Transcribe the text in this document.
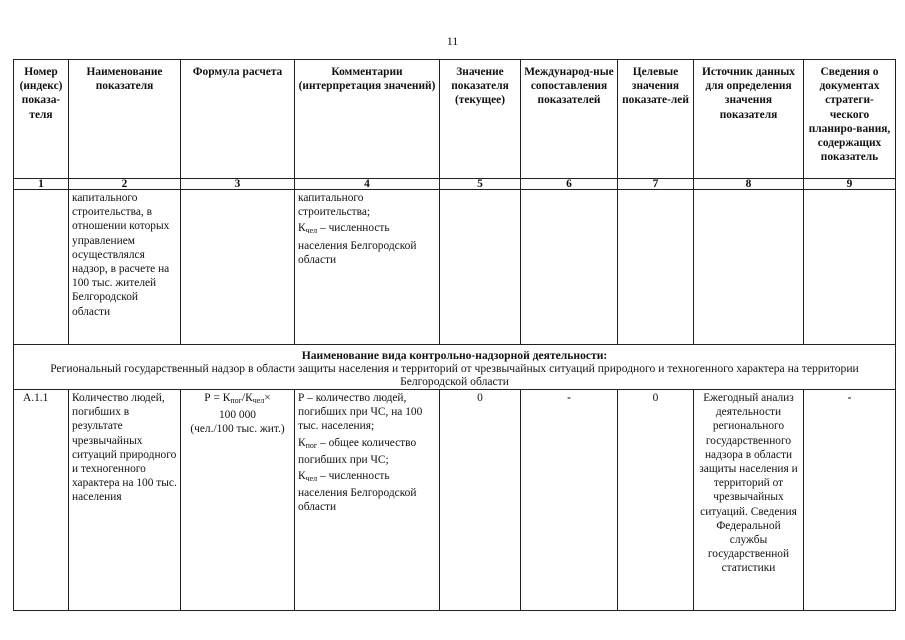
11
Номер (индекс) показа-теля	Наименование показателя	Формула расчета	Комментарии (интерпретация значений)	Значение показателя (текущее)	Международ-ные сопоставления показателей	Целевые значения показате-лей	Источник данных для определения значения показателя	Сведения о документах стратеги-ческого планиро-вания, содержащих показатель
1	2	3	4	5	6	7	8	9
	капитального строительства, в отношении которых управлением осуществлялся надзор, в расчете на 100 тыс. жителей Белгородской области		капитального строительства;
$К_{чел}$ – численность населения Белгородской области					

Наименование вида контрольно-надзорной деятельности:
Региональный государственный надзор в области защиты населения и территорий от чрезвычайных ситуаций природного и техногенного характера на территории Белгородской области								
А.1.1	Количество людей, погибших в результате чрезвычайных ситуаций природного и техногенного характера на 100 тыс. населения	$Р = К_{пог}/К_{чел}\times$
100 000
(чел./100 тыс. жит.)	Р – количество людей, погибших при ЧС, на 100 тыс. населения;
$К_{пог}$ – общее количество погибших при ЧС;
$К_{чел}$ – численность населения Белгородской области	0	-	0	Ежегодный анализ деятельности регионального государственного надзора в области защиты населения и территорий от чрезвычайных ситуаций. Сведения Федеральной службы государственной статистики	-
